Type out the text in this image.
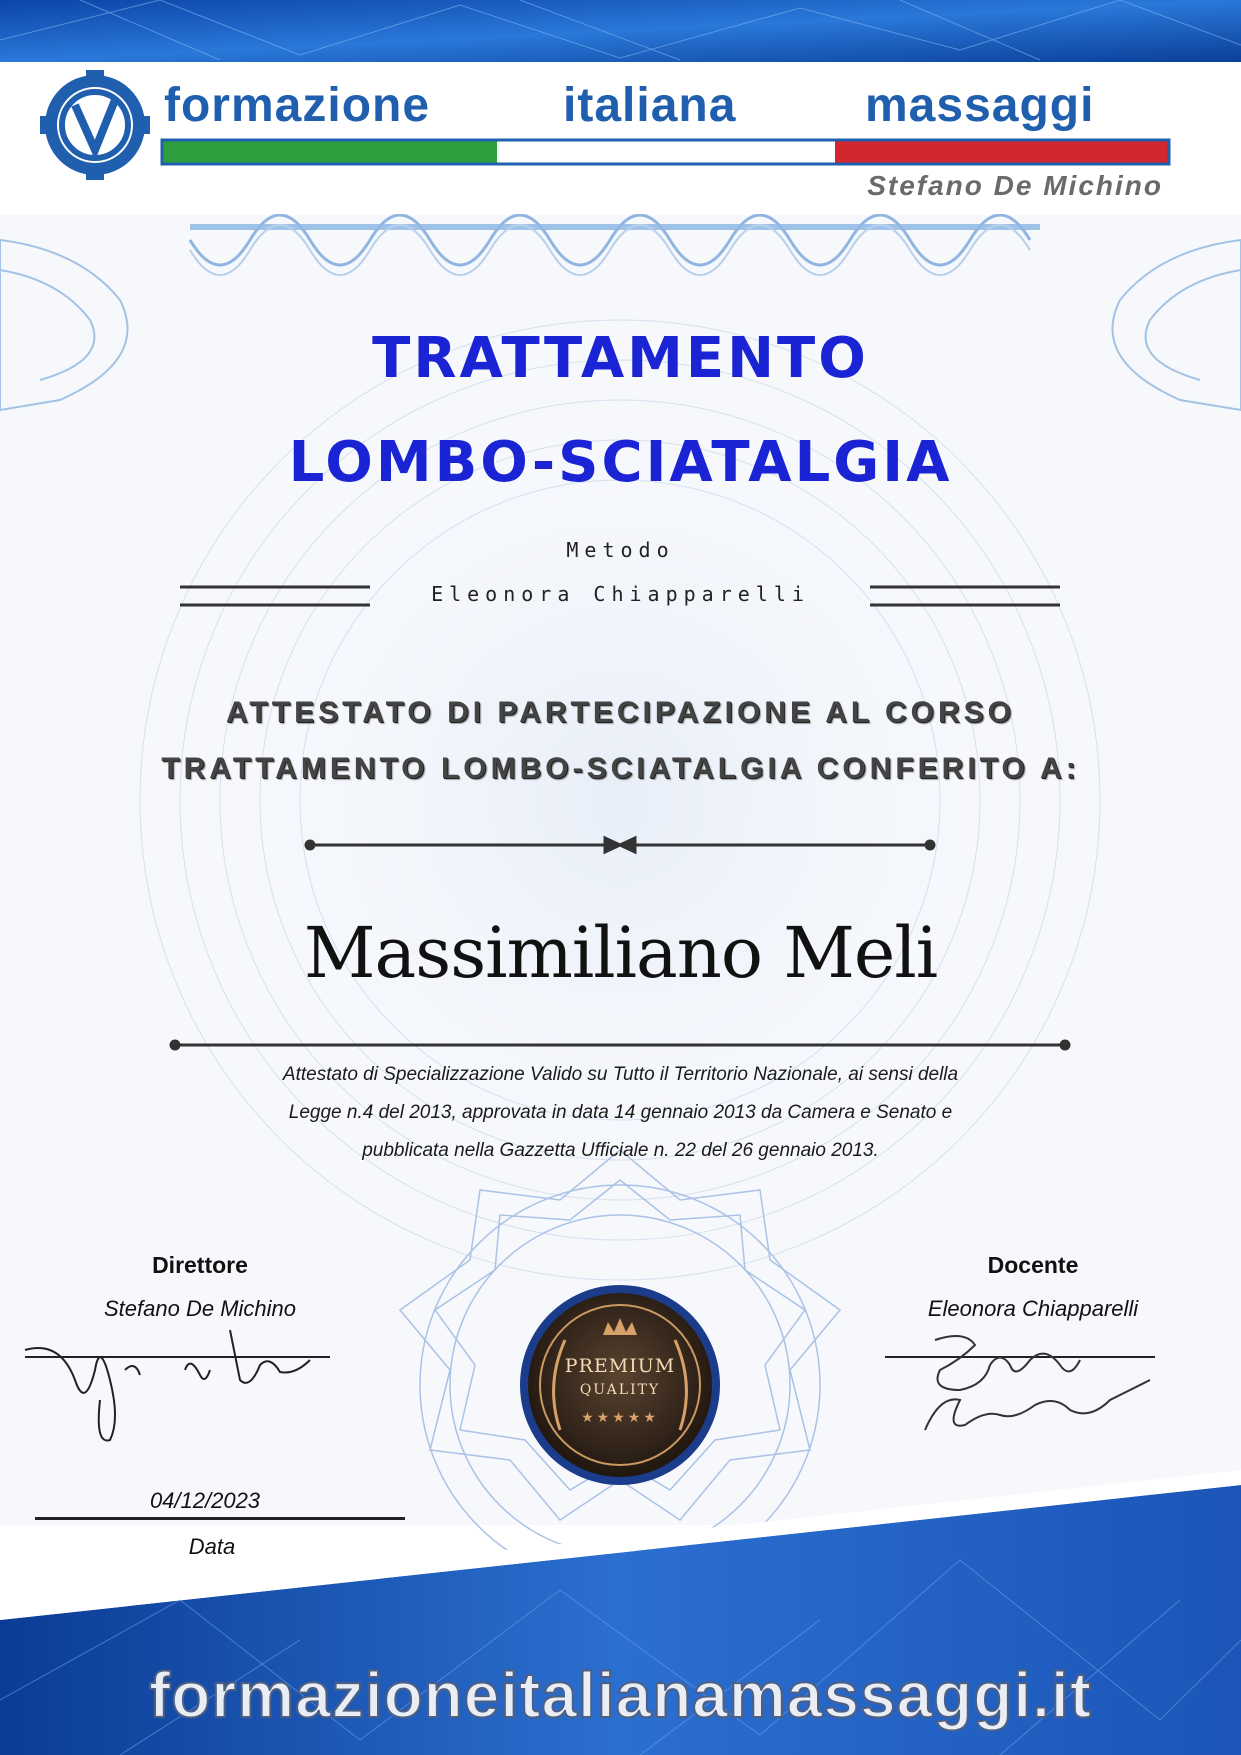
formazione	italiana	massaggi
Stefano De Michino
TRATTAMENTO
LOMBO-SCIATALGIA
Metodo
Eleonora Chiapparelli
ATTESTATO DI PARTECIPAZIONE AL CORSO
TRATTAMENTO LOMBO-SCIATALGIA CONFERITO A:
Massimiliano Meli
Attestato di Specializzazione Valido su Tutto il Territorio Nazionale, ai sensi della
Legge n.4 del 2013, approvata in data 14 gennaio 2013 da Camera e Senato e
pubblicata nella Gazzetta Ufficiale n. 22 del 26 gennaio 2013.
Direttore
Stefano De Michino
Docente
Eleonora Chiapparelli
04/12/2023
Data
PREMIUM
QUALITY
★★★★★
formazioneitalianamassaggi.it
